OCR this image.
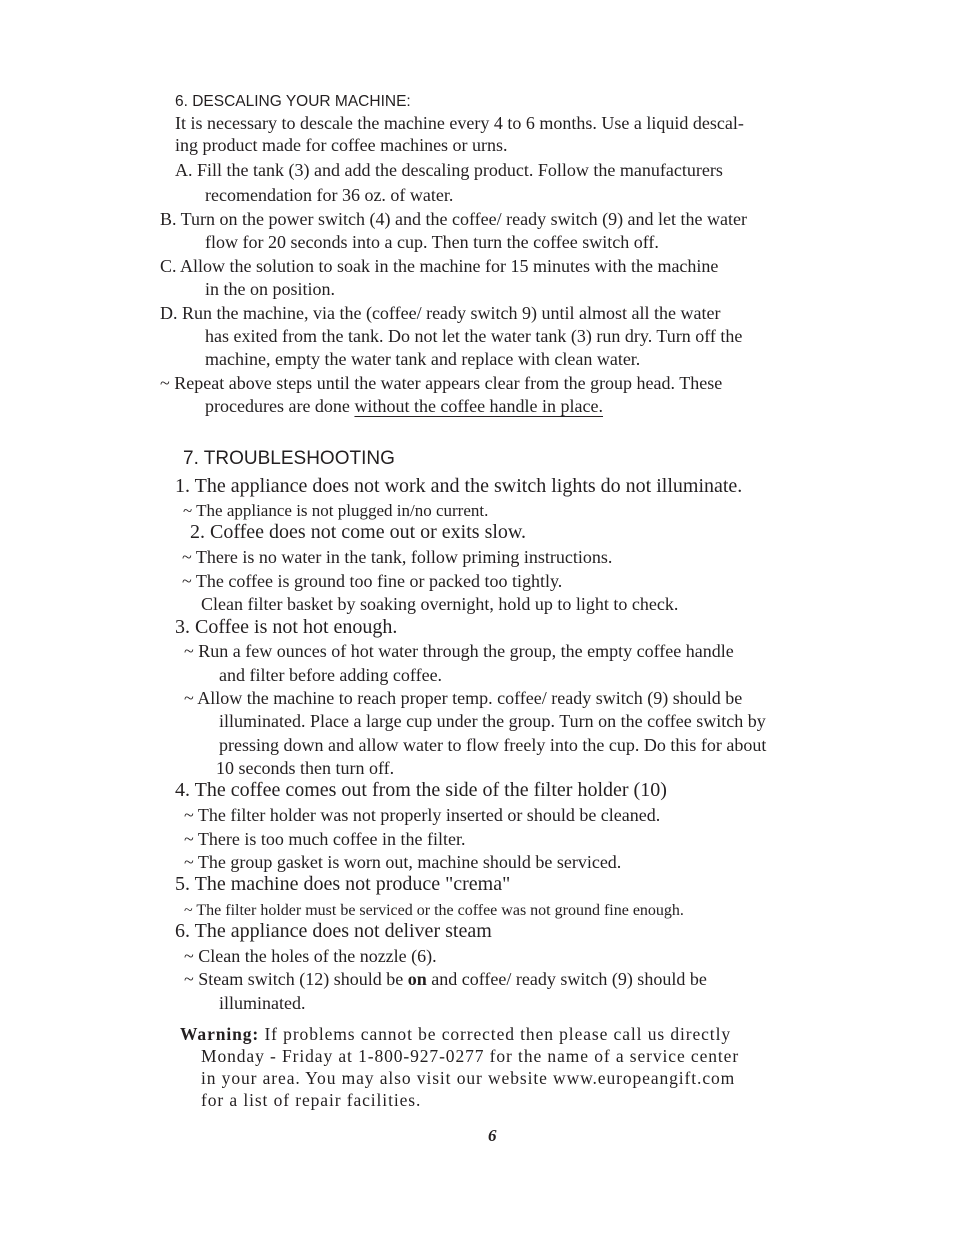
6. DESCALING YOUR MACHINE:
It is necessary to descale the machine every 4 to 6 months. Use a liquid descal-
ing product made for coffee machines or urns.
A. Fill the tank (3) and add the descaling product. Follow the manufacturers
recomendation for 36 oz. of water.
B. Turn on the power switch (4) and the coffee/ ready switch (9) and let the water
flow for 20 seconds into a cup. Then turn the coffee switch off.
C. Allow the solution to soak in the machine for 15 minutes with the machine
in the on position.
D. Run the machine, via the (coffee/ ready switch 9) until almost all the water
has exited from the tank. Do not let the water tank (3) run dry. Turn off the
machine, empty the water tank and replace with clean water.
~ Repeat above steps until the water appears clear from the group head. These
procedures are done without the coffee handle in place.
7. TROUBLESHOOTING
1. The appliance does not work and the switch lights do not illuminate.
~ The appliance is not plugged in/no current.
2. Coffee does not come out or exits slow.
~ There is no water in the tank, follow priming instructions.
~ The coffee is ground too fine or packed too tightly.
Clean filter basket by soaking overnight, hold up to light to check.
3. Coffee is not hot enough.
~ Run a few ounces of hot water through the group, the empty coffee handle
and filter before adding coffee.
~ Allow the machine to reach proper temp. coffee/ ready switch (9) should be
illuminated. Place a large cup under the group. Turn on the coffee switch by
pressing down and allow water to flow freely into the cup. Do this for about
10 seconds then turn off.
4. The coffee comes out from the side of the filter holder (10)
~ The filter holder was not properly inserted or should be cleaned.
~ There is too much coffee in the filter.
~ The group gasket is worn out, machine should be serviced.
5. The machine does not produce "crema"
~ The filter holder must be serviced or the coffee was not ground fine enough.
6. The appliance does not deliver steam
~ Clean the holes of the nozzle (6).
~ Steam switch (12) should be on and coffee/ ready switch (9) should be
illuminated.
Warning: If problems cannot be corrected then please call us directly
Monday - Friday at 1-800-927-0277 for the name of a service center
in your area. You may also visit our website www.europeangift.com
for a list of repair facilities.
6
